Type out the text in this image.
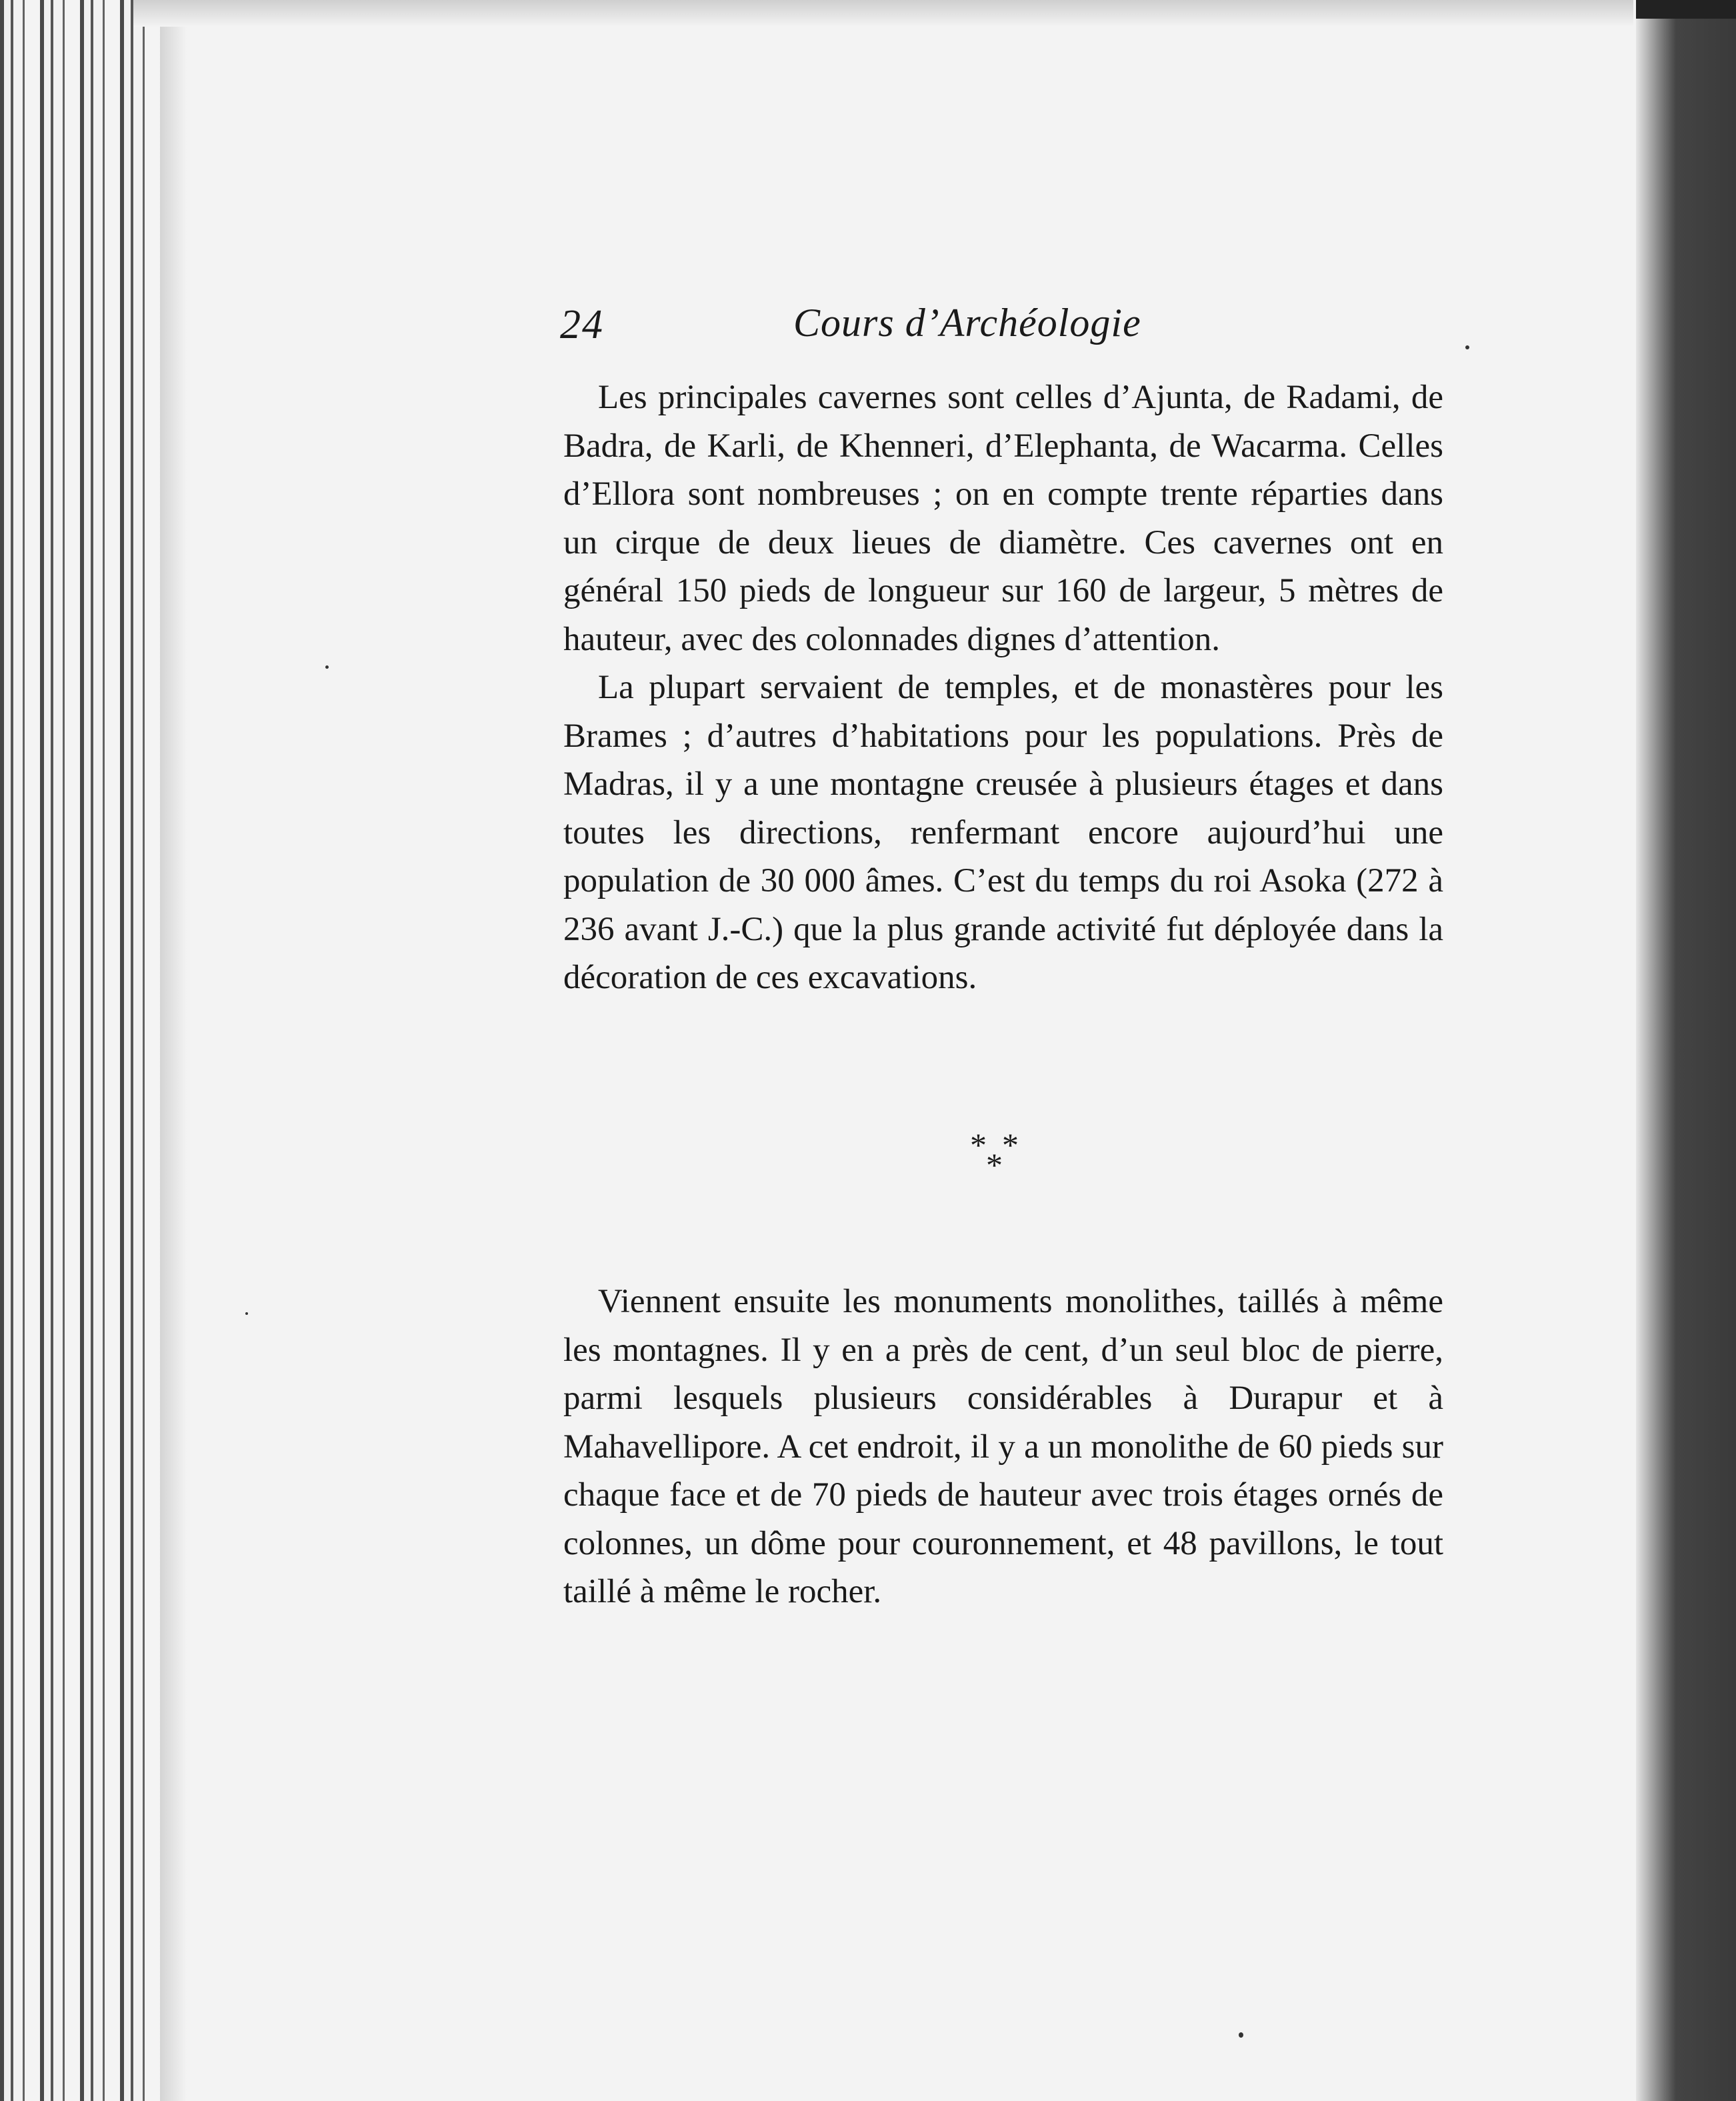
24	Cours d’Archéologie

Les principales cavernes sont celles d’Ajunta, de Radami, de Badra, de Karli, de Khenneri, d’Elephanta, de Wacarma. Celles d’Ellora sont nombreuses ; on en compte trente réparties dans un cirque de deux lieues de diamètre. Ces cavernes ont en général 150 pieds de longueur sur 160 de largeur, 5 mètres de hauteur, avec des colonnades dignes d’attention.

La plupart servaient de temples, et de monastères pour les Brames ; d’autres d’habitations pour les populations. Près de Madras, il y a une montagne creusée à plusieurs étages et dans toutes les directions, renfermant encore aujourd’hui une population de 30 000 âmes. C’est du temps du roi Asoka (272 à 236 avant J.-C.) que la plus grande activité fut déployée dans la décoration de ces excavations.

* *
*

Viennent ensuite les monuments monolithes, taillés à même les montagnes. Il y en a près de cent, d’un seul bloc de pierre, parmi lesquels plusieurs considérables à Durapur et à Mahavellipore. A cet endroit, il y a un monolithe de 60 pieds sur chaque face et de 70 pieds de hauteur avec trois étages ornés de colonnes, un dôme pour couronnement, et 48 pavillons, le tout taillé à même le rocher.
